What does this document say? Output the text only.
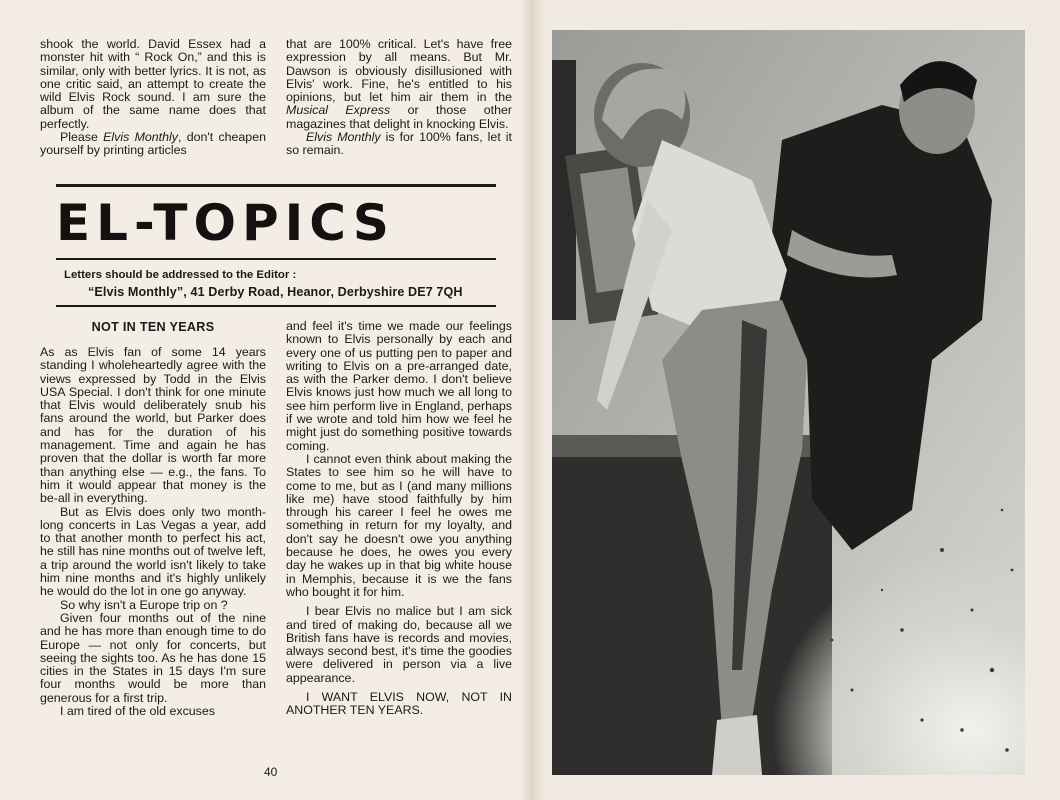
shook the world. David Essex had a monster hit with “ Rock On,” and this is similar, only with better lyrics. It is not, as one critic said, an attempt to create the wild Elvis Rock sound. I am sure the album of the same name does that perfectly.

Please Elvis Monthly, don't cheapen yourself by printing articles

that are 100% critical. Let's have free expression by all means. But Mr. Dawson is obviously disillusioned with Elvis' work. Fine, he's entitled to his opinions, but let him air them in the Musical Express or those other magazines that delight in knocking Elvis.

Elvis Monthly is for 100% fans, let it so remain.

EL-TOPICS
Letters should be addressed to the Editor :
“Elvis Monthly”, 41 Derby Road, Heanor, Derbyshire DE7 7QH
NOT IN TEN YEARS

As as Elvis fan of some 14 years standing I wholeheartedly agree with the views expressed by Todd in the Elvis USA Special. I don't think for one minute that Elvis would deliberately snub his fans around the world, but Parker does and has for the duration of his management. Time and again he has proven that the dollar is worth far more than anything else — e.g., the fans. To him it would appear that money is the be-all in everything.

But as Elvis does only two month-long concerts in Las Vegas a year, add to that another month to perfect his act, he still has nine months out of twelve left, a trip around the world isn't likely to take him nine months and it's highly unlikely he would do the lot in one go anyway.

So why isn't a Europe trip on ?

Given four months out of the nine and he has more than enough time to do Europe — not only for concerts, but seeing the sights too. As he has done 15 cities in the States in 15 days I'm sure four months would be more than generous for a first trip.

I am tired of the old excuses

and feel it's time we made our feelings known to Elvis personally by each and every one of us putting pen to paper and writing to Elvis on a pre-arranged date, as with the Parker demo. I don't believe Elvis knows just how much we all long to see him perform live in England, perhaps if we wrote and told him how we feel he might just do something positive towards coming.

I cannot even think about making the States to see him so he will have to come to me, but as I (and many millions like me) have stood faithfully by him through his career I feel he owes me something in return for my loyalty, and don't say he doesn't owe you anything because he does, he owes you every day he wakes up in that big white house in Memphis, because it is we the fans who bought it for him.

I bear Elvis no malice but I am sick and tired of making do, because all we British fans have is records and movies, always second best, it's time the goodies were delivered in person via a live appearance.

I WANT ELVIS NOW, NOT IN ANOTHER TEN YEARS.

40
